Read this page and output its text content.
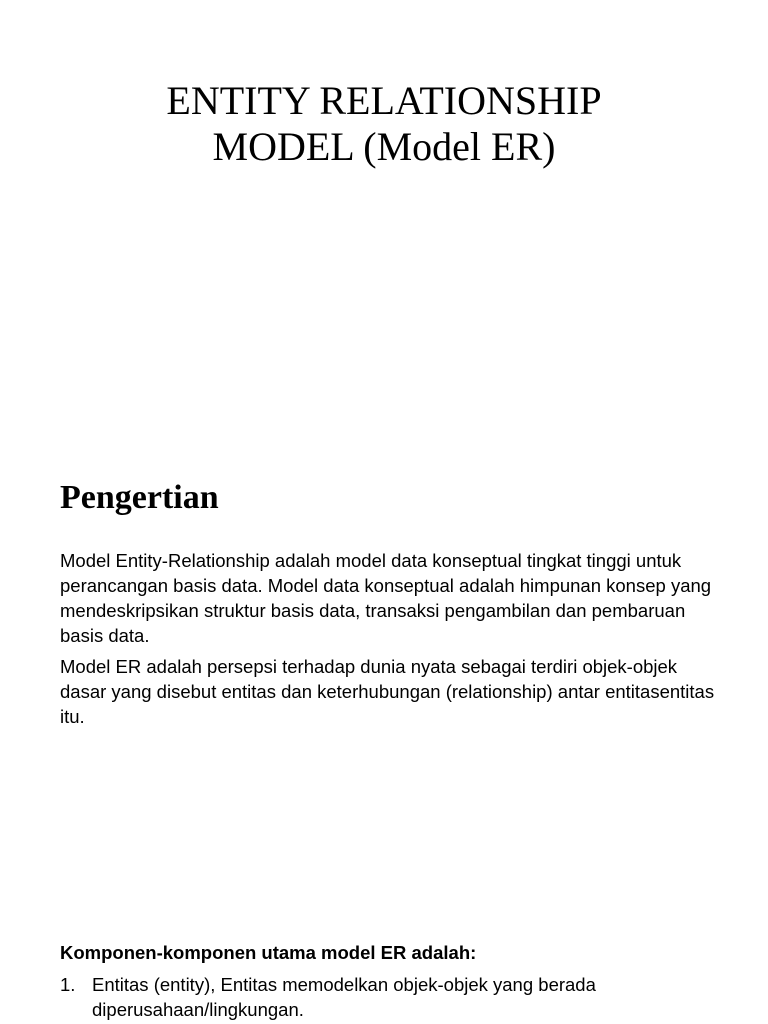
ENTITY RELATIONSHIP
MODEL (Model ER)
Pengertian

Model Entity-Relationship adalah model data konseptual tingkat tinggi untuk perancangan basis data. Model data konseptual adalah himpunan konsep yang mendeskripsikan struktur basis data, transaksi pengambilan dan pembaruan basis data.

Model ER adalah persepsi terhadap dunia nyata sebagai terdiri objek-objek dasar yang disebut entitas dan keterhubungan (relationship) antar entitasentitas itu.

Komponen-komponen utama model ER adalah:
1. Entitas (entity), Entitas memodelkan objek-objek yang berada diperusahaan/lingkungan.
